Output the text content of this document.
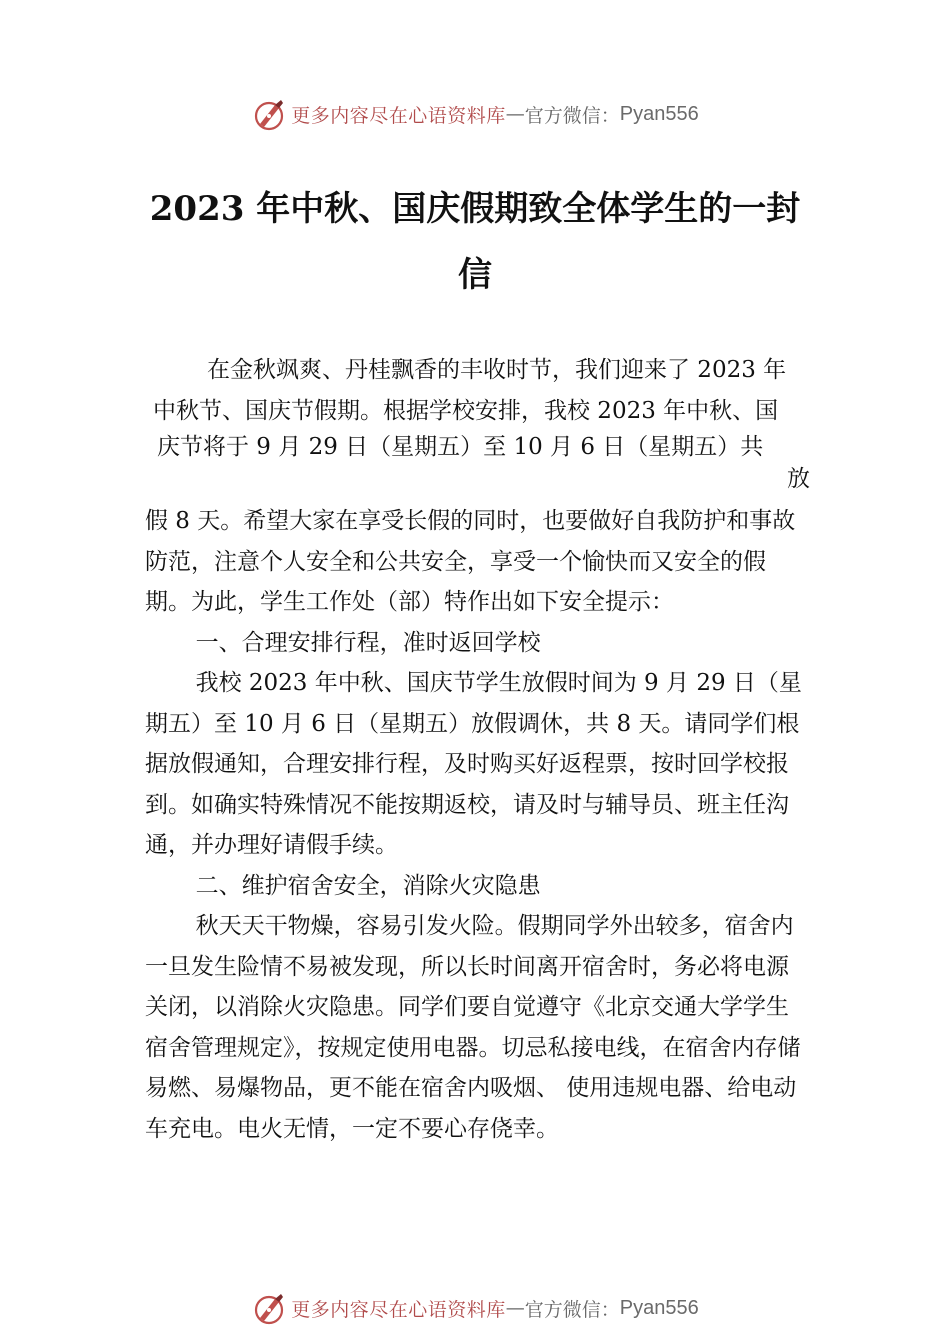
更多内容尽在心语资料库 — 官方微信： Pyan556
2023 年中秋、国庆假期致全体学生的一封
信

在金秋飒爽、丹桂飘香的丰收时节，我们迎来了 2023 年

中秋节、国庆节假期。根据学校安排，我校 2023 年中秋、国

庆节将于 9 月 29 日（星期五）至 10 月 6 日（星期五）共

放

假 8 天。希望大家在享受长假的同时，也要做好自我防护和事故防范，注意个人安全和公共安全，享受一个愉快而又安全的假期。为此，学生工作处（部）特作出如下安全提示：

一、合理安排行程，准时返回学校

我校 2023 年中秋、国庆节学生放假时间为 9 月 29 日（星期五）至 10 月 6 日（星期五）放假调休，共 8 天。请同学们根据放假通知，合理安排行程，及时购买好返程票，按时回学校报到。如确实特殊情况不能按期返校，请及时与辅导员、班主任沟通，并办理好请假手续。

二、维护宿舍安全，消除火灾隐患

秋天天干物燥，容易引发火险。假期同学外出较多，宿舍内一旦发生险情不易被发现，所以长时间离开宿舍时，务必将电源关闭，以消除火灾隐患。同学们要自觉遵守《北京交通大学学生宿舍管理规定》，按规定使用电器。切忌私接电线，在宿舍内存储易燃、易爆物品，更不能在宿舍内吸烟、 使用违规电器、给电动车充电。电火无情，一定不要心存侥幸。

更多内容尽在心语资料库 — 官方微信： Pyan556
